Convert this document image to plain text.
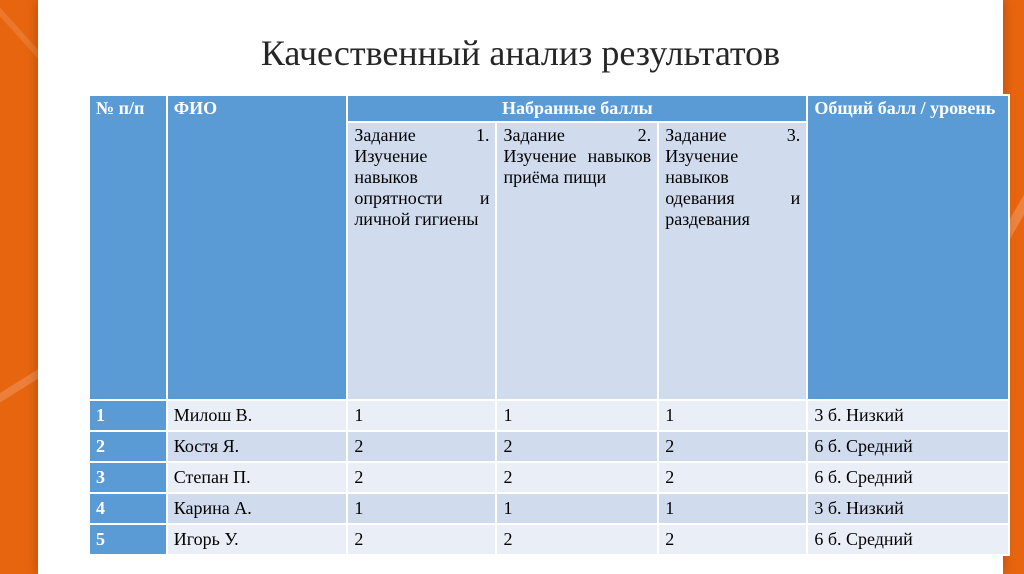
Качественный анализ результатов
№ п/п	ФИО	Набранные баллы			Общий балл / уровень
		Задание 1. Изучение навыков опрятности и личной гигиены	Задание 2. Изучение навыков приёма пищи	Задание 3. Изучение навыков одевания и раздевания	
1	Милош В.	1	1	1	3 б. Низкий
2	Костя Я.	2	2	2	6 б. Средний
3	Степан П.	2	2	2	6 б. Средний
4	Карина А.	1	1	1	3 б. Низкий
5	Игорь У.	2	2	2	6 б. Средний
